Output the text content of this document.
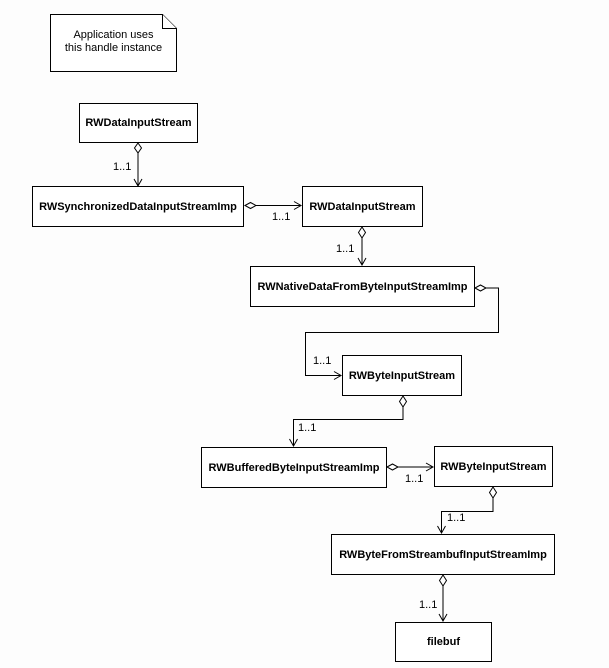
Application uses
this handle instance
RWDataInputStream
RWSynchronizedDataInputStreamImp	RWDataInputStream
RWNativeDataFromByteInputStreamImp
RWByteInputStream
RWBufferedByteInputStreamImp	RWByteInputStream
RWByteFromStreambufInputStreamImp
filebuf
1..1
1..1
1..1
1..1
1..1
1..1
1..1
1..1
